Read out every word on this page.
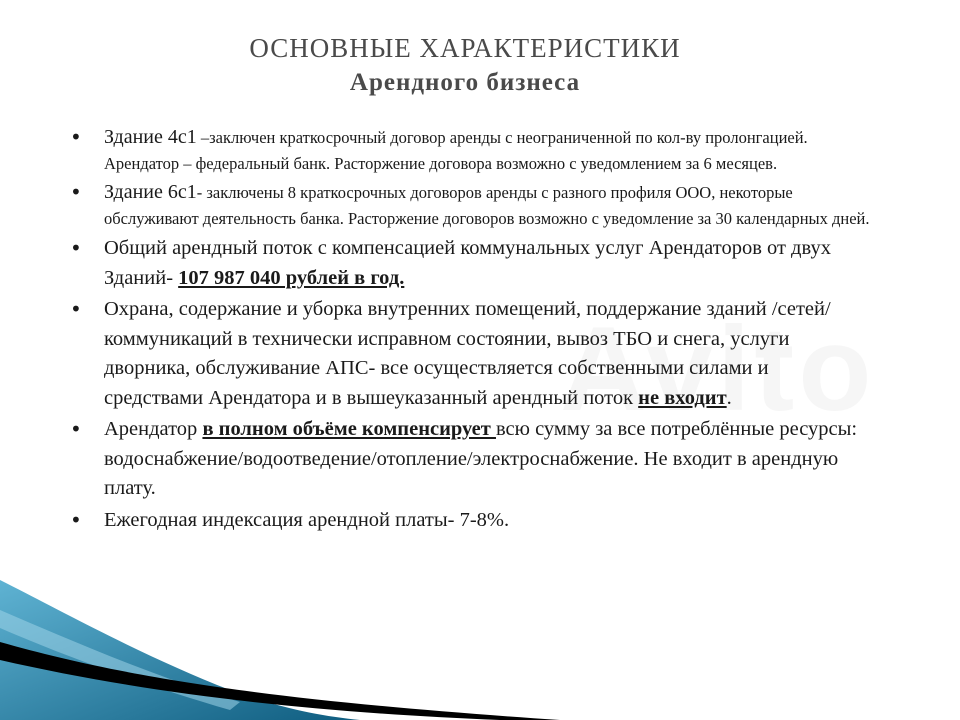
ОСНОВНЫЕ ХАРАКТЕРИСТИКИ
Арендного бизнеса
• Здание 4с1 –заключен краткосрочный договор аренды с неограниченной по кол-ву пролонгацией. Арендатор – федеральный банк. Расторжение договора возможно с уведомлением за 6 месяцев.
• Здание 6с1- заключены 8 краткосрочных договоров аренды с разного профиля ООО, некоторые обслуживают деятельность банка. Расторжение договоров возможно с уведомление за 30 календарных дней.
• Общий арендный поток с компенсацией коммунальных услуг Арендаторов от двух Зданий- 107 987 040 рублей в год.
• Охрана, содержание и уборка внутренних помещений, поддержание зданий /сетей/коммуникаций в технически исправном состоянии, вывоз ТБО и снега, услуги дворника, обслуживание АПС- все осуществляется собственными силами и средствами Арендатора и в вышеуказанный арендный поток не входит.
• Арендатор в полном объёме компенсирует всю сумму за все потреблённые ресурсы: водоснабжение/водоотведение/отопление/электроснабжение. Не входит в арендную плату.
• Ежегодная индексация арендной платы- 7-8%.
